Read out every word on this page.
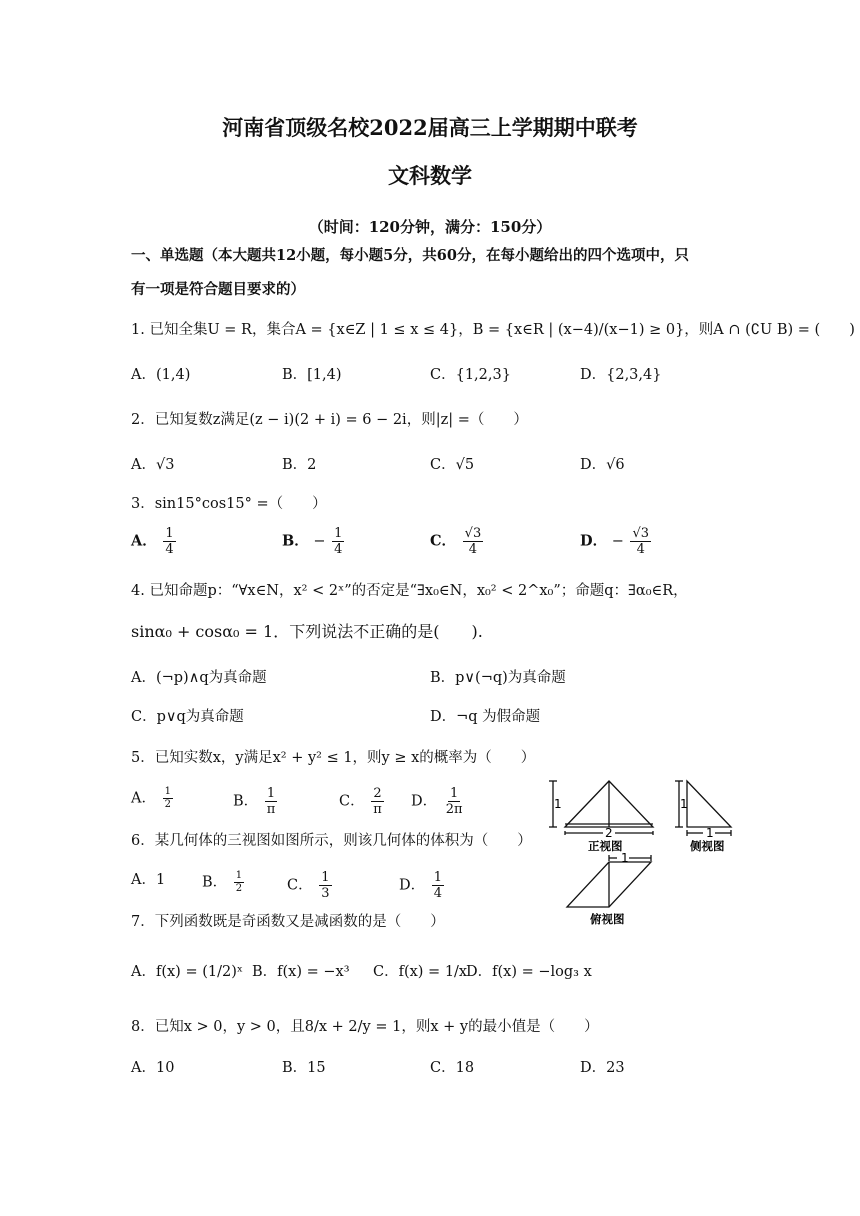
河南省顶级名校2022届高三上学期期中联考
文科数学
（时间：120分钟，满分：150分）
一、单选题（本大题共12小题，每小题5分，共60分，在每小题给出的四个选项中，只
有一项是符合题目要求的）
1. 已知全集U = R，集合A = {x∈Z | 1 ≤ x ≤ 4}，B = {x∈R | (x−4)/(x−1) ≥ 0}，则A ∩ (∁U B) = (　　)
A．(1,4)	B．[1,4)	C．{1,2,3}	D．{2,3,4}
2．已知复数z满足(z − i)(2 + i) = 6 − 2i，则|z| =（　　）
A．√3	B．2	C．√5	D．√6
3．sin15°cos15° =（　　）
A． $\frac{1}{4}$	B． − $\frac{1}{4}$	C． $\frac{√3}{4}$	D． − $\frac{√3}{4}$
4. 已知命题p：“∀x∈N，x² < 2ˣ”的否定是“∃x₀∈N，x₀² < 2^x₀”；命题q：∃α₀∈R，
sinα₀ + cosα₀ = 1．下列说法不正确的是(　　).
A．(¬p)∧q为真命题	B．p∨(¬q)为真命题
C．p∨q为真命题	D．¬q 为假命题
5．已知实数x，y满足x² + y² ≤ 1，则y ≥ x的概率为（　　）
A． $\frac{1}{2}$	B． $\frac{1}{\pi}$	C． $\frac{2}{\pi}$ D． $\frac{1}{2\pi}$
6．某几何体的三视图如图所示，则该几何体的体积为（　　）
A．1	B． $\frac{1}{2}$	C． $\frac{1}{3}$	D． $\frac{1}{4}$
1
2
1
1
1
正视图	侧视图
俯视图
7．下列函数既是奇函数又是减函数的是（　　）
A．f(x) = (1/2)ˣ B．f(x) = −x³ C．f(x) = 1/x
D．f(x) = −log₃ x
8．已知x > 0，y > 0，且8/x + 2/y = 1，则x + y的最小值是（　　）
A．10	B．15	C．18	D．23
